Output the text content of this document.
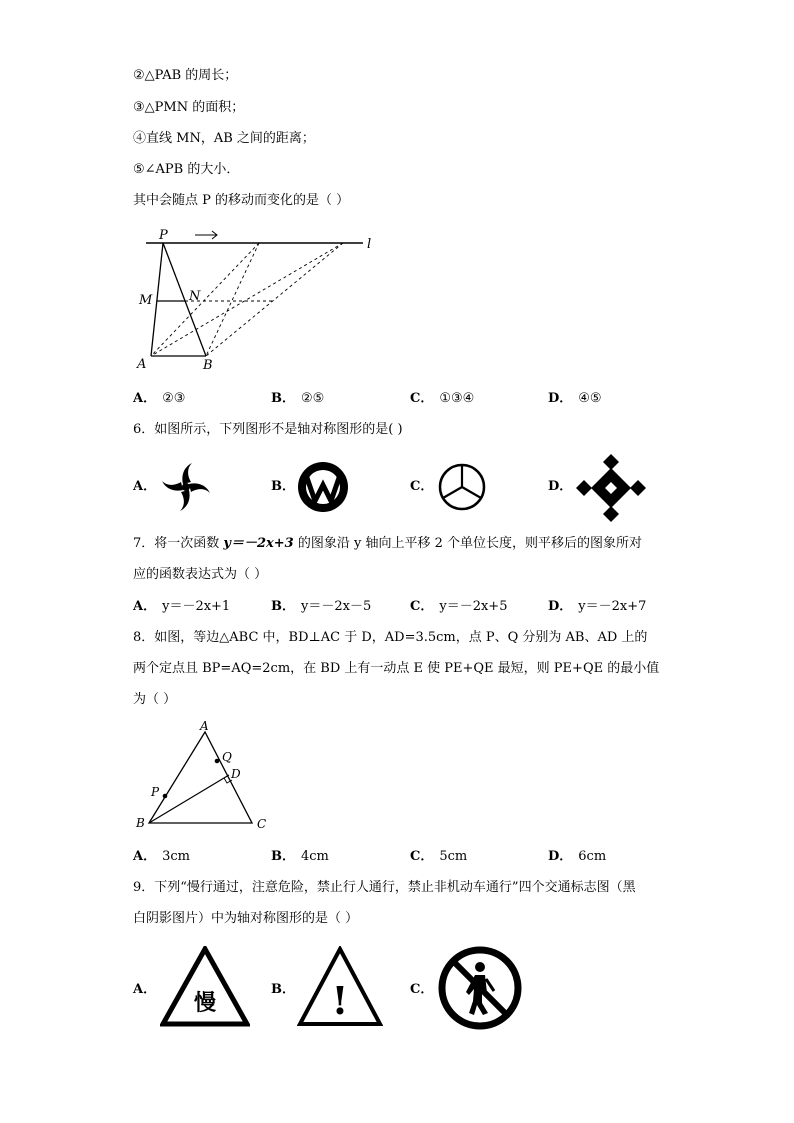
②△PAB 的周长；
③△PMN 的面积；
④直线 MN，AB 之间的距离；
⑤∠APB 的大小．
其中会随点 P 的移动而变化的是（ ）
P
l
M	N
A	B
A． ②③	B． ②⑤	C． ①③④	D． ④⑤
6．如图所示，下列图形不是轴对称图形的是( )
A．	B．	C．	D．
7．将一次函数 y＝－2x+3 的图象沿 y 轴向上平移 2 个单位长度，则平移后的图象所对
应的函数表达式为（ ）
A． y＝－2x+1	B． y＝－2x－5	C． y＝－2x+5	D． y＝－2x+7
8．如图，等边△ABC 中，BD⊥AC 于 D，AD=3.5cm，点 P、Q 分别为 AB、AD 上的
两个定点且 BP=AQ=2cm，在 BD 上有一动点 E 使 PE+QE 最短，则 PE+QE 的最小值
为（ ）
A
Q
D
P
B	C
A． 3cm	B． 4cm	C． 5cm	D． 6cm
9．下列“慢行通过，注意危险，禁止行人通行，禁止非机动车通行”四个交通标志图（黑
白阴影图片）中为轴对称图形的是（ ）
A．	B．	C．
慢	!
